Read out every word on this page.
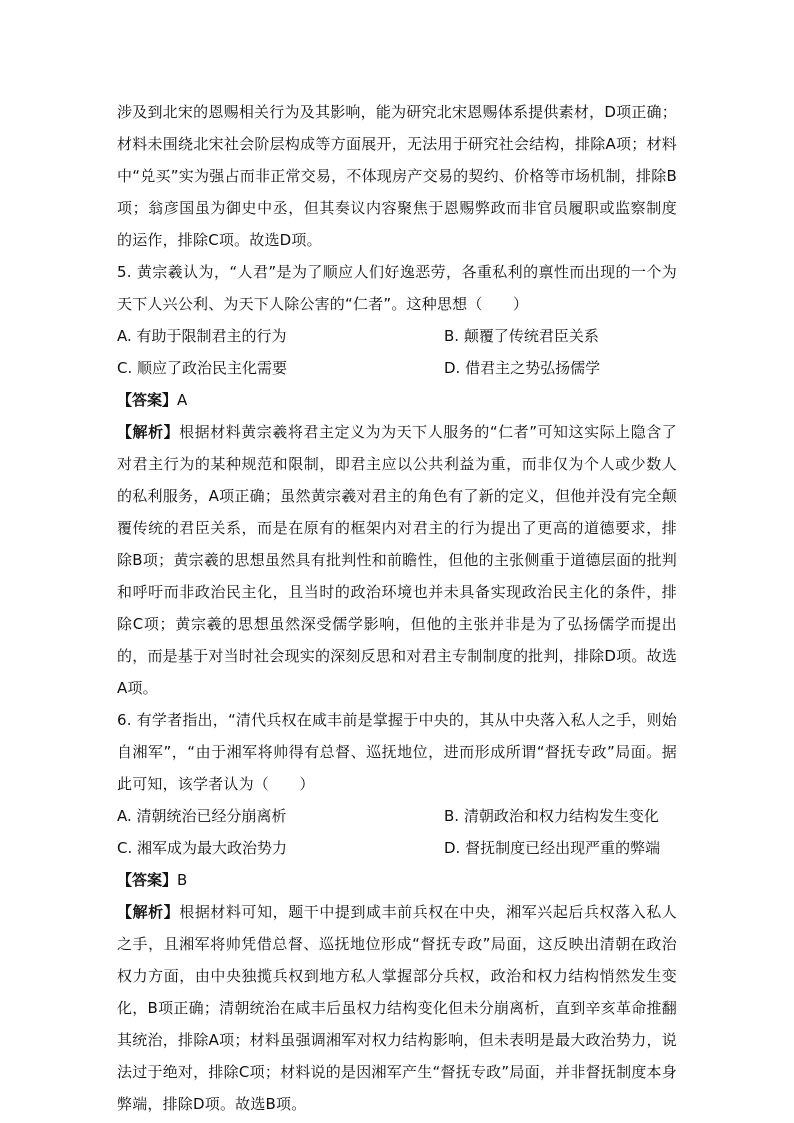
涉及到北宋的恩赐相关行为及其影响，能为研究北宋恩赐体系提供素材，D项正确；材料未围绕北宋社会阶层构成等方面展开，无法用于研究社会结构，排除A项；材料中“兑买”实为强占而非正常交易，不体现房产交易的契约、价格等市场机制，排除B项；翁彦国虽为御史中丞，但其奏议内容聚焦于恩赐弊政而非官员履职或监察制度的运作，排除C项。故选D项。

5. 黄宗羲认为，“人君”是为了顺应人们好逸恶劳，各重私利的禀性而出现的一个为天下人兴公利、为天下人除公害的“仁者”。这种思想（　　）

A. 有助于限制君主的行为	B. 颠覆了传统君臣关系
C. 顺应了政治民主化需要	D. 借君主之势弘扬儒学

【答案】A

【解析】根据材料黄宗羲将君主定义为为天下人服务的“仁者”可知这实际上隐含了对君主行为的某种规范和限制，即君主应以公共利益为重，而非仅为个人或少数人的私利服务，A项正确；虽然黄宗羲对君主的角色有了新的定义，但他并没有完全颠覆传统的君臣关系，而是在原有的框架内对君主的行为提出了更高的道德要求，排除B项；黄宗羲的思想虽然具有批判性和前瞻性，但他的主张侧重于道德层面的批判和呼吁而非政治民主化，且当时的政治环境也并未具备实现政治民主化的条件，排除C项；黄宗羲的思想虽然深受儒学影响，但他的主张并非是为了弘扬儒学而提出的，而是基于对当时社会现实的深刻反思和对君主专制制度的批判，排除D项。故选A项。

6. 有学者指出，“清代兵权在咸丰前是掌握于中央的，其从中央落入私人之手，则始自湘军”，“由于湘军将帅得有总督、巡抚地位，进而形成所谓“督抚专政”局面。据此可知，该学者认为（　　）

A. 清朝统治已经分崩离析	B. 清朝政治和权力结构发生变化
C. 湘军成为最大政治势力	D. 督抚制度已经出现严重的弊端

【答案】B

【解析】根据材料可知，题干中提到咸丰前兵权在中央，湘军兴起后兵权落入私人之手，且湘军将帅凭借总督、巡抚地位形成“督抚专政”局面，这反映出清朝在政治权力方面，由中央独揽兵权到地方私人掌握部分兵权，政治和权力结构悄然发生变化，B项正确；清朝统治在咸丰后虽权力结构变化但未分崩离析，直到辛亥革命推翻其统治，排除A项；材料虽强调湘军对权力结构影响，但未表明是最大政治势力，说法过于绝对，排除C项；材料说的是因湘军产生“督抚专政”局面，并非督抚制度本身弊端，排除D项。故选B项。
